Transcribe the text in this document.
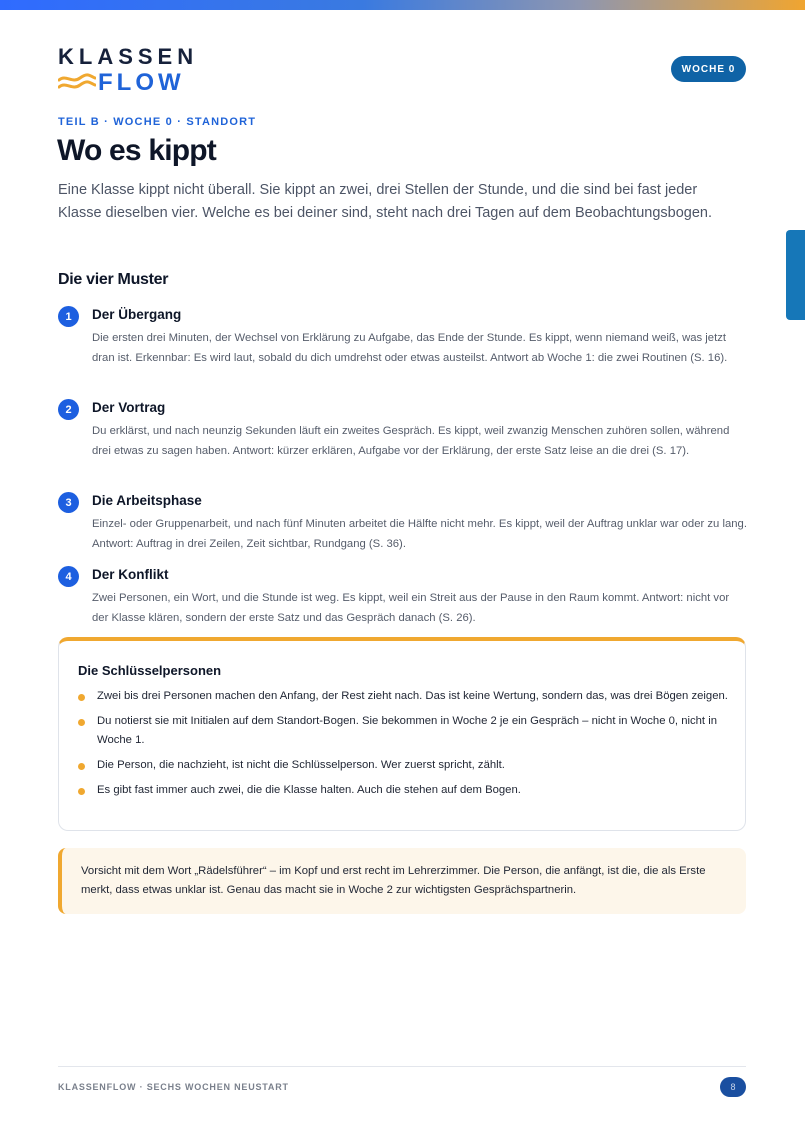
KLASSEN
FLOW	WOCHE 0
TEIL B · WOCHE 0 · STANDORT
Wo es kippt

Eine Klasse kippt nicht überall. Sie kippt an zwei, drei Stellen der Stunde, und die sind bei fast jeder Klasse dieselben vier. Welche es bei deiner sind, steht nach drei Tagen auf dem Beobachtungsbogen.

Die vier Muster
1	Der Übergang
Die ersten drei Minuten, der Wechsel von Erklärung zu Aufgabe, das Ende der Stunde. Es kippt, wenn niemand weiß, was jetzt dran ist. Erkennbar: Es wird laut, sobald du dich umdrehst oder etwas austeilst. Antwort ab Woche 1: die zwei Routinen (S. 16).
2	Der Vortrag
Du erklärst, und nach neunzig Sekunden läuft ein zweites Gespräch. Es kippt, weil zwanzig Menschen zuhören sollen, während drei etwas zu sagen haben. Antwort: kürzer erklären, Aufgabe vor der Erklärung, der erste Satz leise an die drei (S. 17).
3	Die Arbeitsphase
Einzel- oder Gruppenarbeit, und nach fünf Minuten arbeitet die Hälfte nicht mehr. Es kippt, weil der Auftrag unklar war oder zu lang. Antwort: Auftrag in drei Zeilen, Zeit sichtbar, Rundgang (S. 36).
4	Der Konflikt
Zwei Personen, ein Wort, und die Stunde ist weg. Es kippt, weil ein Streit aus der Pause in den Raum kommt. Antwort: nicht vor der Klasse klären, sondern der erste Satz und das Gespräch danach (S. 26).
Die Schlüsselpersonen
Zwei bis drei Personen machen den Anfang, der Rest zieht nach. Das ist keine Wertung, sondern das, was drei Bögen zeigen.
Du notierst sie mit Initialen auf dem Standort-Bogen. Sie bekommen in Woche 2 je ein Gespräch – nicht in Woche 0, nicht in Woche 1.
Die Person, die nachzieht, ist nicht die Schlüsselperson. Wer zuerst spricht, zählt.
Es gibt fast immer auch zwei, die die Klasse halten. Auch die stehen auf dem Bogen.

Vorsicht mit dem Wort „Rädelsführer“ – im Kopf und erst recht im Lehrerzimmer. Die Person, die anfängt, ist die, die als Erste merkt, dass etwas unklar ist. Genau das macht sie in Woche 2 zur wichtigsten Gesprächspartnerin.

KLASSENFLOW · SECHS WOCHEN NEUSTART	8
